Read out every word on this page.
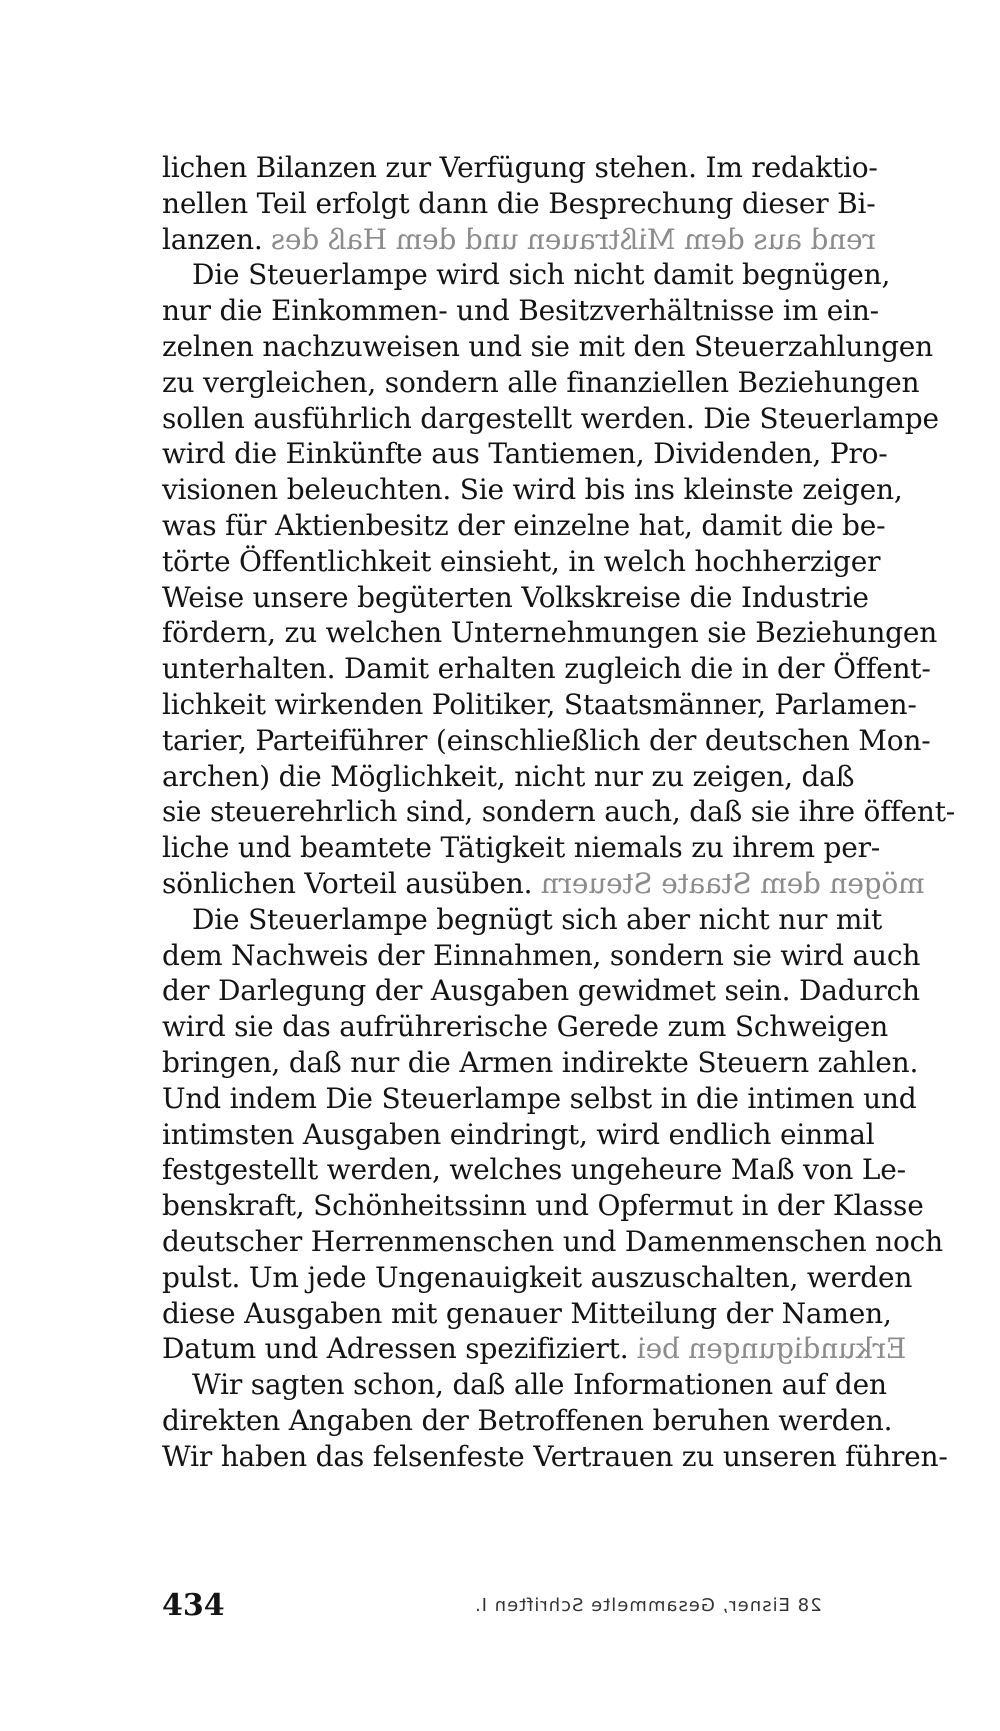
lichen Bilanzen zur Verfügung stehen. Im redaktio-
nellen Teil erfolgt dann die Besprechung dieser Bi-
lanzen. rend aus dem Mißtrauen und dem Haß des
Die Steuerlampe wird sich nicht damit begnügen,
nur die Einkommen- und Besitzverhältnisse im ein-
zelnen nachzuweisen und sie mit den Steuerzahlungen
zu vergleichen, sondern alle finanziellen Beziehungen
sollen ausführlich dargestellt werden. Die Steuerlampe
wird die Einkünfte aus Tantiemen, Dividenden, Pro-
visionen beleuchten. Sie wird bis ins kleinste zeigen,
was für Aktienbesitz der einzelne hat, damit die be-
törte Öffentlichkeit einsieht, in welch hochherziger
Weise unsere begüterten Volkskreise die Industrie
fördern, zu welchen Unternehmungen sie Beziehungen
unterhalten. Damit erhalten zugleich die in der Öffent-
lichkeit wirkenden Politiker, Staatsmänner, Parlamen-
tarier, Parteiführer (einschließlich der deutschen Mon-
archen) die Möglichkeit, nicht nur zu zeigen, daß
sie steuerehrlich sind, sondern auch, daß sie ihre öffent-
liche und beamtete Tätigkeit niemals zu ihrem per-
sönlichen Vorteil ausüben. mögen dem Staate Steuern
Die Steuerlampe begnügt sich aber nicht nur mit
dem Nachweis der Einnahmen, sondern sie wird auch
der Darlegung der Ausgaben gewidmet sein. Dadurch
wird sie das aufrührerische Gerede zum Schweigen
bringen, daß nur die Armen indirekte Steuern zahlen.
Und indem Die Steuerlampe selbst in die intimen und
intimsten Ausgaben eindringt, wird endlich einmal
festgestellt werden, welches ungeheure Maß von Le-
benskraft, Schönheitssinn und Opfermut in der Klasse
deutscher Herrenmenschen und Damenmenschen noch
pulst. Um jede Ungenauigkeit auszuschalten, werden
diese Ausgaben mit genauer Mitteilung der Namen,
Datum und Adressen spezifiziert. Erkundigungen bei
Wir sagten schon, daß alle Informationen auf den
direkten Angaben der Betroffenen beruhen werden.
Wir haben das felsenfeste Vertrauen zu unseren führen-
434	28 Eisner, Gesammelte Schriften I.
